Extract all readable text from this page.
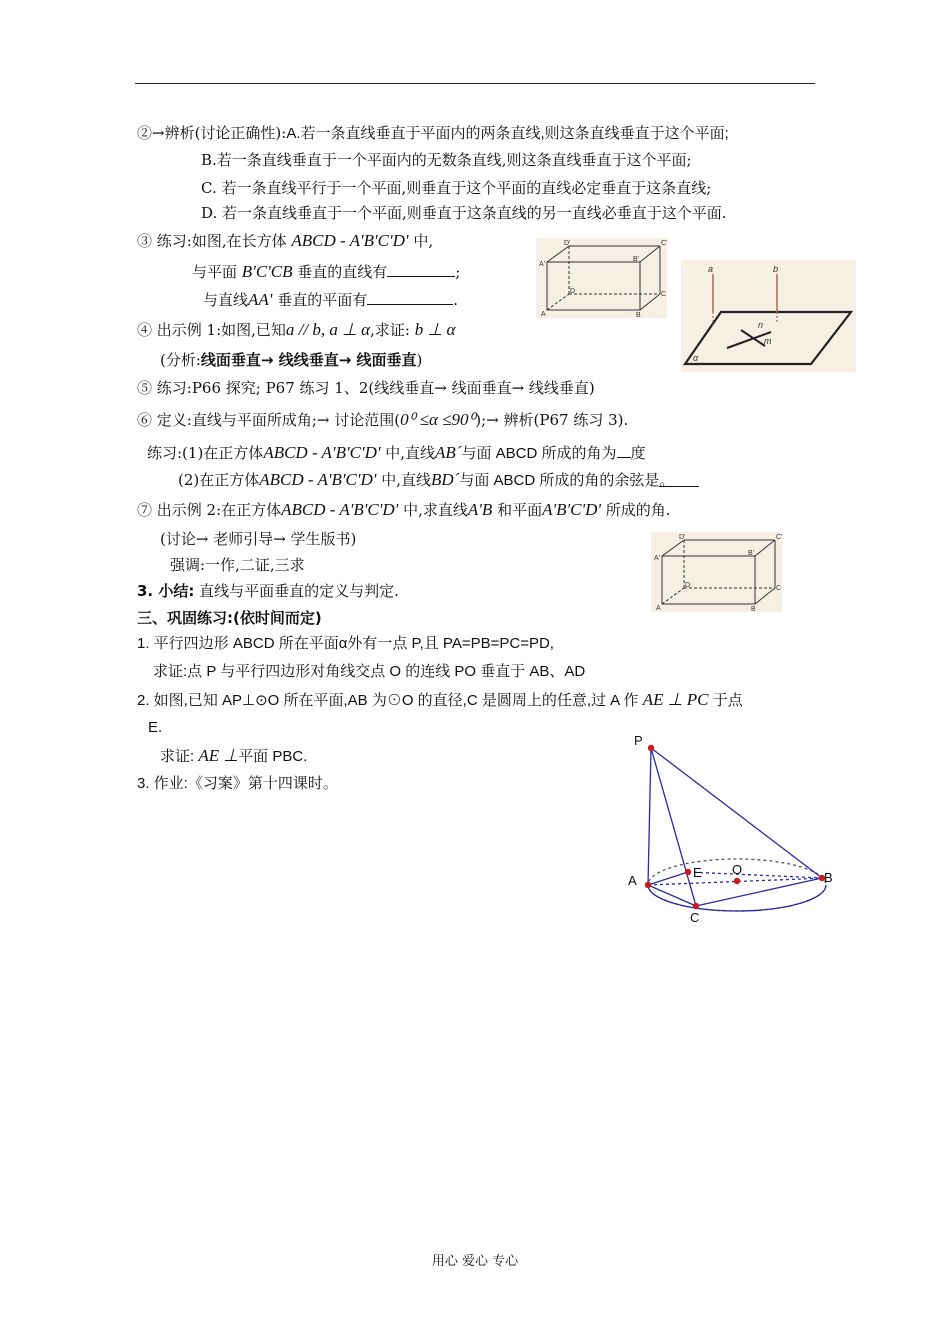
②→辨析(讨论正确性):A.若一条直线垂直于平面内的两条直线,则这条直线垂直于这个平面;
B.若一条直线垂直于一个平面内的无数条直线,则这条直线垂直于这个平面;
C. 若一条直线平行于一个平面,则垂直于这个平面的直线必定垂直于这条直线;
D. 若一条直线垂直于一个平面,则垂直于这条直线的另一直线必垂直于这个平面.
③ 练习:如图,在长方体 ABCD - A'B'C'D' 中,
与平面 B'C'CB 垂直的直线有	;
与直线AA' 垂直的平面有	.
④ 出示例 1:如图,已知a // b, a ⊥ α,求证: b ⊥ α
(分析:线面垂直→ 线线垂直→ 线面垂直)
⑤ 练习:P66 探究; P67 练习 1、2(线线垂直→ 线面垂直→ 线线垂直)
⑥ 定义:直线与平面所成角;→ 讨论范围(0⁰ ≤α ≤90⁰);→ 辨析(P67 练习 3).
练习:(1)在正方体ABCD - A'B'C'D' 中,直线AB´与面 ABCD 所成的角为 度
(2)在正方体ABCD - A'B'C'D' 中,直线BD´与面 ABCD 所成的角的余弦是。
⑦ 出示例 2:在正方体ABCD - A'B'C'D' 中,求直线A'B 和平面A'B'C'D' 所成的角.
(讨论→ 老师引导→ 学生版书)
强调:一作,二证,三求
3. 小结: 直线与平面垂直的定义与判定.
三、巩固练习:(依时间而定)
1. 平行四边形 ABCD 所在平面α外有一点 P,且 PA=PB=PC=PD,
求证:点 P 与平行四边形对角线交点 O 的连线 PO 垂直于 AB、AD
2. 如图,已知 AP⊥⊙O 所在平面,AB 为⊙O 的直径,C 是圆周上的任意,过 A 作 AE ⊥ PC 于点
E.
求证: AE ⊥平面 PBC.
3. 作业:《习案》第十四课时。
D'	C'
A'
B'
D	C
A	B
a	b
n
m
α
D'	C'
A'
B'
D	C
A	B
P
A
E O
B
C
用心 爱心 专心
